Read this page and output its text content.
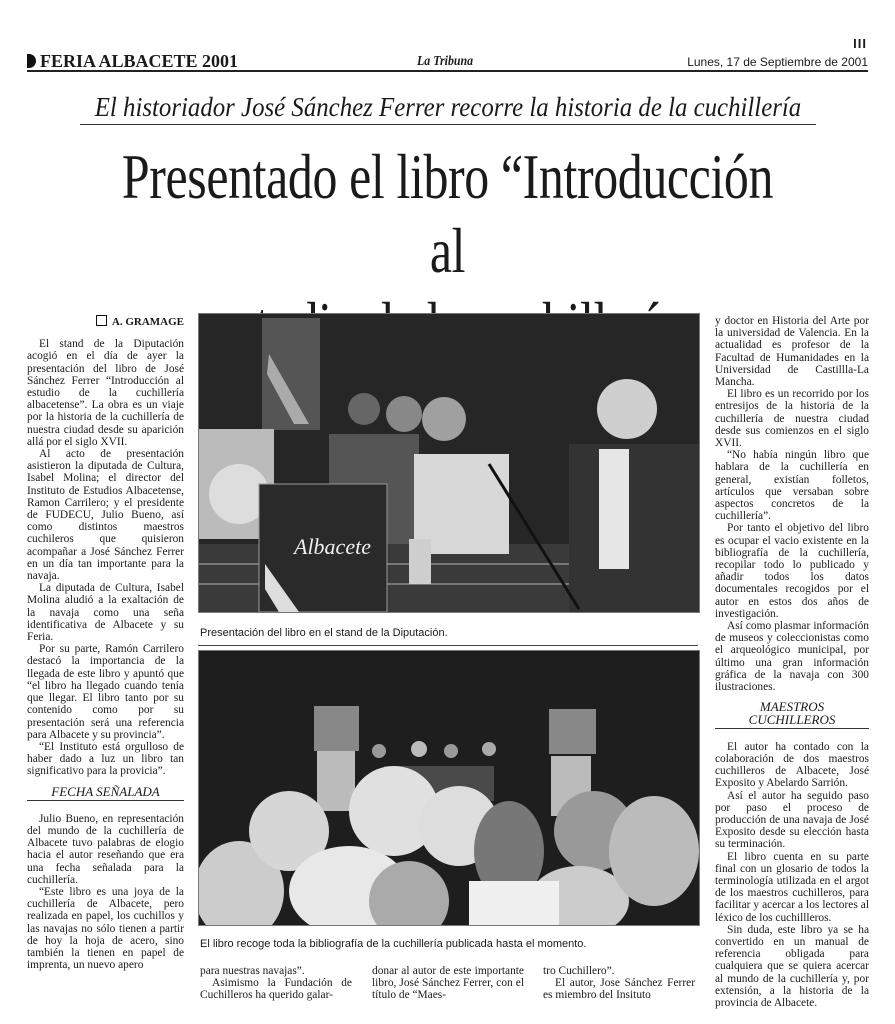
III
FERIA ALBACETE 2001	La Tribuna	Lunes, 17 de Septiembre de 2001
El historiador José Sánchez Ferrer recorre la historia de la cuchillería
Presentado el libro “Introducción al
A. GRAMAGE

El stand de la Diputación acogió en el día de ayer la presentación del libro de José Sánchez Ferrer “Introducción al estudio de la cuchillería albacetense”. La obra es un viaje por la historia de la cuchillería de nuestra ciudad desde su aparición allá por el siglo XVII.

Al acto de presentación asistieron la diputada de Cultura, Isabel Molina; el director del Instituto de Estudios Albacetense, Ramon Carrilero; y el presidente de FUDECU, Julio Bueno, así como distintos maestros cuchileros que quisieron acompañar a José Sánchez Ferrer en un día tan importante para la navaja.

La diputada de Cultura, Isabel Molina aludió a la exaltación de la navaja como una seña identificativa de Albacete y su Feria.

Por su parte, Ramón Carrilero destacó la importancia de la llegada de este libro y apuntó que “el libro ha llegado cuando tenía que llegar. El libro tanto por su contenido como por su presentación será una referencia para Albacete y su provincia”.

“El Instituto está orgulloso de haber dado a luz un libro tan significativo para la provicia”.

FECHA SEÑALADA

Julio Bueno, en representación del mundo de la cuchillería de Albacete tuvo palabras de elogio hacia el autor reseñando que era una fecha señalada para la cuchillería.

“Este libro es una joya de la cuchillería de Albacete, pero realizada en papel, los cuchillos y las navajas no sólo tienen a partir de hoy la hoja de acero, sino también la tienen en papel de imprenta, un nuevo apero

Albacete
Presentación del libro en el stand de la Diputación.
El libro recoge toda la bibliografía de la cuchillería publicada hasta el momento.

para nuestras navajas”.

Asimismo la Fundación de Cuchilleros ha querido galar-

donar al autor de este importante libro, José Sánchez Ferrer, con el título de “Maes-

tro Cuchillero”.

El autor, Jose Sánchez Ferrer es miembro del Insituto

y doctor en Historia del Arte por la universidad de Valencia. En la actualidad es profesor de la Facultad de Humanidades en la Universidad de Castillla-La Mancha.

El libro es un recorrido por los entresijos de la historia de la cuchillería de nuestra ciudad desde sus comienzos en el siglo XVII.

“No había ningún libro que hablara de la cuchillería en general, existían folletos, artículos que versaban sobre aspectos concretos de la cuchillería”.

Por tanto el objetivo del libro es ocupar el vacio existente en la bibliografía de la cuchillería, recopilar todo lo publicado y añadir todos los datos documentales recogidos por el autor en estos dos años de investigación.

Así como plasmar información de museos y coleccionistas como el arqueológico municipal, por último una gran información gráfica de la navaja con 300 ilustraciones.

MAESTROS CUCHILLEROS

El autor ha contado con la colaboración de dos maestros cuchilleros de Albacete, José Exposito y Abelardo Sarrión.

Así el autor ha seguido paso por paso el proceso de producción de una navaja de José Exposito desde su elección hasta su terminación.

El libro cuenta en su parte final con un glosario de todos la terminología utilizada en el argot de los maestros cuchilleros, para facilitar y acercar a los lectores al léxico de los cuchillleros.

Sin duda, este libro ya se ha convertido en un manual de referencia obligada para cualquiera que se quiera acercar al mundo de la cuchillería y, por extensión, a la historia de la provincia de Albacete.
